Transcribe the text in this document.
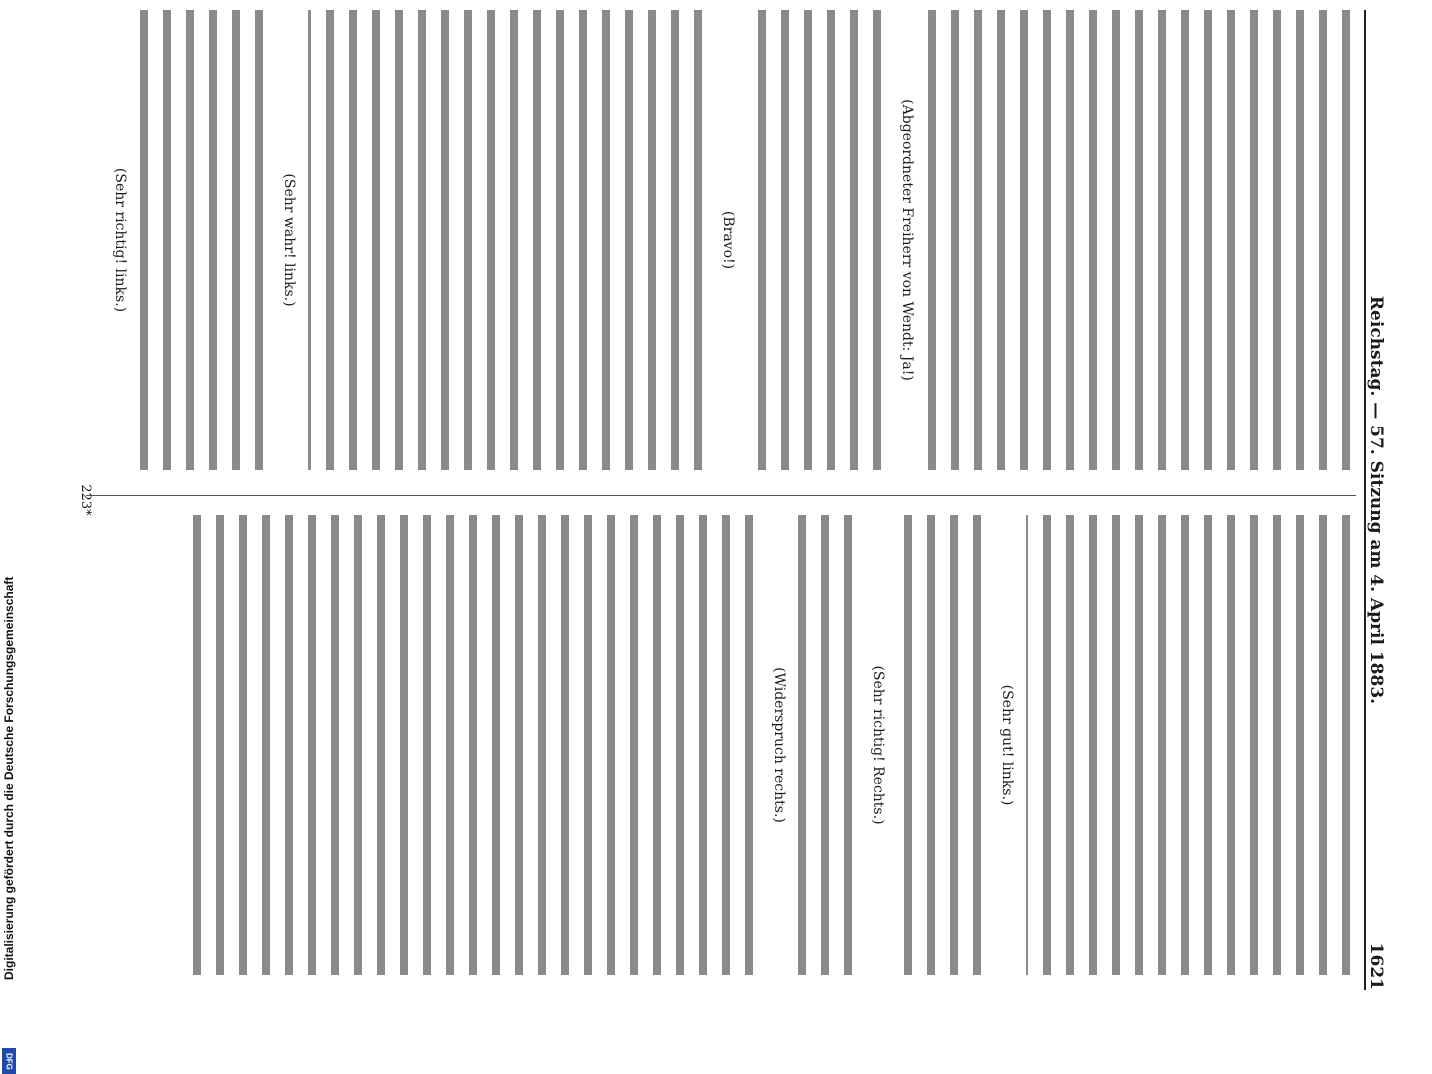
Digitalisierung gefördert durch die Deutsche Forschungsgemeinschaft
DFG
Reichstag. — 57. Sitzung am 4. April 1883.
1621
(Abgeordneter Freiherr von Wendt: Ja!)
(Bravo!)
(Sehr wahr! links.)
(Sehr richtig! links.)
(Sehr gut! links.)
(Sehr richtig! Rechts.)
(Widerspruch rechts.)
223*
